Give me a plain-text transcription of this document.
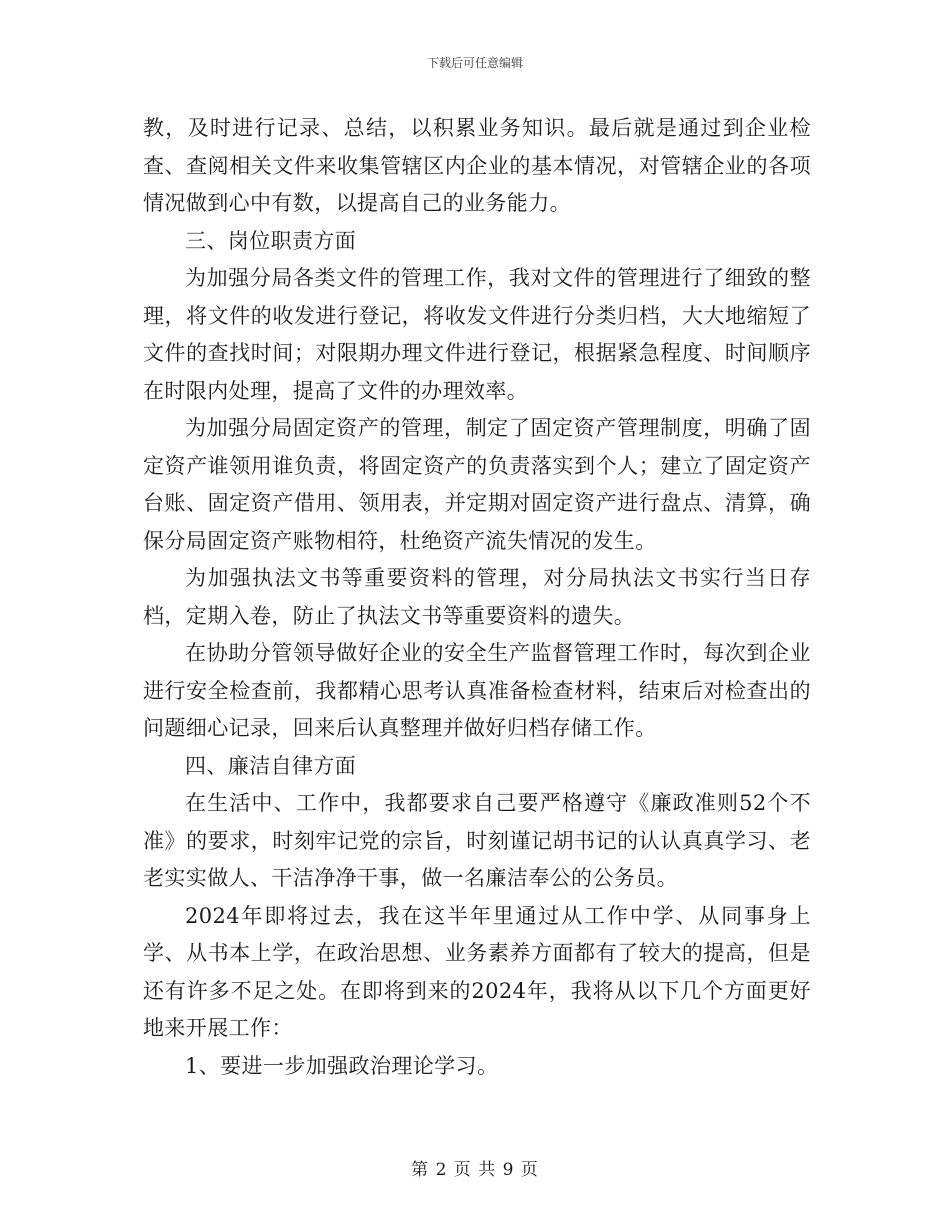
下载后可任意编辑

教，及时进行记录、总结，以积累业务知识。最后就是通过到企业检查、查阅相关文件来收集管辖区内企业的基本情况，对管辖企业的各项情况做到心中有数，以提高自己的业务能力。

三、岗位职责方面

为加强分局各类文件的管理工作，我对文件的管理进行了细致的整理，将文件的收发进行登记，将收发文件进行分类归档，大大地缩短了文件的查找时间；对限期办理文件进行登记，根据紧急程度、时间顺序在时限内处理，提高了文件的办理效率。

为加强分局固定资产的管理，制定了固定资产管理制度，明确了固定资产谁领用谁负责，将固定资产的负责落实到个人；建立了固定资产台账、固定资产借用、领用表，并定期对固定资产进行盘点、清算，确保分局固定资产账物相符，杜绝资产流失情况的发生。

为加强执法文书等重要资料的管理，对分局执法文书实行当日存档，定期入卷，防止了执法文书等重要资料的遗失。

在协助分管领导做好企业的安全生产监督管理工作时，每次到企业进行安全检查前，我都精心思考认真准备检查材料，结束后对检查出的问题细心记录，回来后认真整理并做好归档存储工作。

四、廉洁自律方面

在生活中、工作中，我都要求自己要严格遵守《廉政准则52个不准》的要求，时刻牢记党的宗旨，时刻谨记胡书记的认认真真学习、老老实实做人、干洁净净干事，做一名廉洁奉公的公务员。

2024年即将过去，我在这半年里通过从工作中学、从同事身上学、从书本上学，在政治思想、业务素养方面都有了较大的提高，但是还有许多不足之处。在即将到来的2024年，我将从以下几个方面更好地来开展工作：

1、要进一步加强政治理论学习。

第 2 页 共 9 页
